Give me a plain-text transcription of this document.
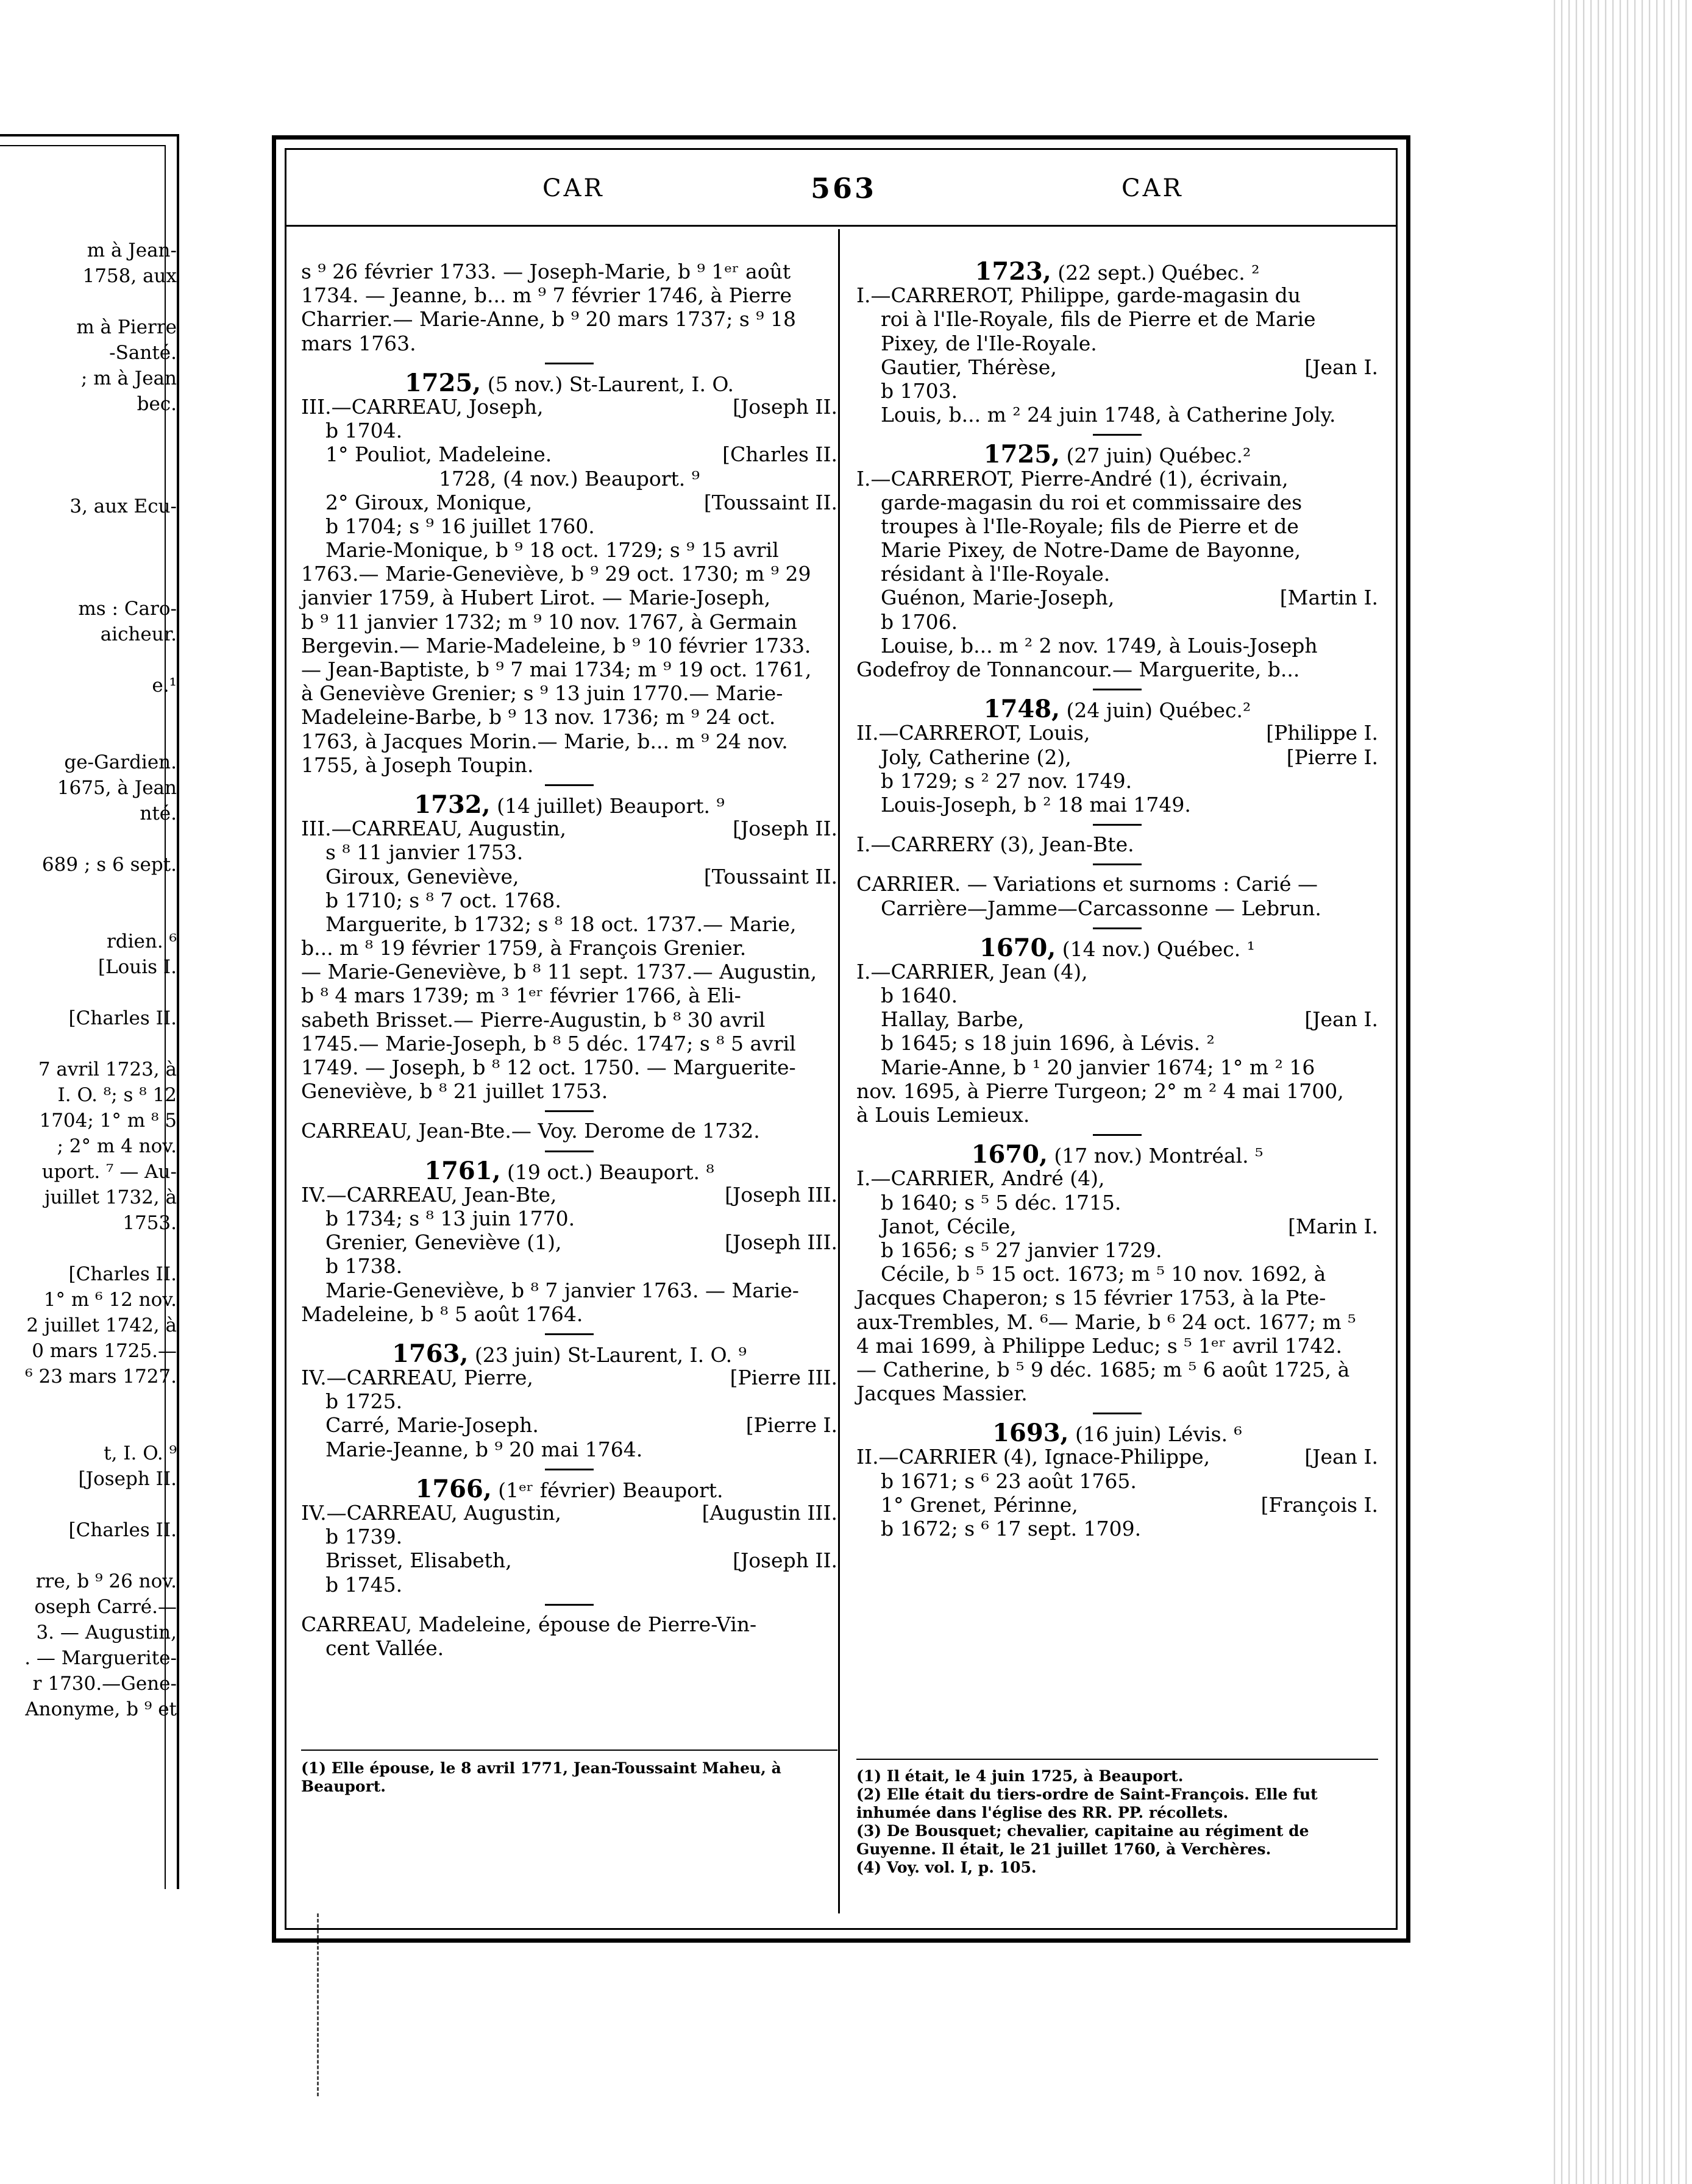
m à Jean-
1758, aux

m à Pierre
-Santé.
; m à Jean
bec.

3, aux Ecu-

ms : Caro-
aicheur.

e.¹

ge-Gardien.
1675, à Jean
nté.

689 ; s 6 sept.

rdien. ⁶
[Louis I.

[Charles II.

7 avril 1723, à
I. O. ⁸; s ⁸ 12
1704; 1° m ⁸ 5
; 2° m 4 nov.
uport. ⁷ — Au-
juillet 1732, à
1753.

[Charles II.
1° m ⁶ 12 nov.
2 juillet 1742, à
0 mars 1725.—
⁶ 23 mars 1727.

t, I. O. ⁹
[Joseph II.

[Charles II.

rre, b ⁹ 26 nov.
oseph Carré.—
3. — Augustin,
. — Marguerite-
r 1730.—Gene-
Anonyme, b ⁹ et
CAR	563	CAR
s ⁹ 26 février 1733. — Joseph-Marie, b ⁹ 1ᵉʳ août
1734. — Jeanne, b... m ⁹ 7 février 1746, à Pierre
Charrier.— Marie-Anne, b ⁹ 20 mars 1737; s ⁹ 18
mars 1763.
1725, (5 nov.) St-Laurent, I. O.
III.—CARREAU, Joseph,	[Joseph II.
b 1704.
1° Pouliot, Madeleine.	[Charles II.
1728, (4 nov.) Beauport. ⁹
2° Giroux, Monique,	[Toussaint II.
b 1704; s ⁹ 16 juillet 1760.
Marie-Monique, b ⁹ 18 oct. 1729; s ⁹ 15 avril
1763.— Marie-Geneviève, b ⁹ 29 oct. 1730; m ⁹ 29
janvier 1759, à Hubert Lirot. — Marie-Joseph,
b ⁹ 11 janvier 1732; m ⁹ 10 nov. 1767, à Germain
Bergevin.— Marie-Madeleine, b ⁹ 10 février 1733.
— Jean-Baptiste, b ⁹ 7 mai 1734; m ⁹ 19 oct. 1761,
à Geneviève Grenier; s ⁹ 13 juin 1770.— Marie-
Madeleine-Barbe, b ⁹ 13 nov. 1736; m ⁹ 24 oct.
1763, à Jacques Morin.— Marie, b... m ⁹ 24 nov.
1755, à Joseph Toupin.
1732, (14 juillet) Beauport. ⁹
III.—CARREAU, Augustin,	[Joseph II.
s ⁸ 11 janvier 1753.
Giroux, Geneviève,	[Toussaint II.
b 1710; s ⁸ 7 oct. 1768.
Marguerite, b 1732; s ⁸ 18 oct. 1737.— Marie,
b... m ⁸ 19 février 1759, à François Grenier.
— Marie-Geneviève, b ⁸ 11 sept. 1737.— Augustin,
b ⁸ 4 mars 1739; m ³ 1ᵉʳ février 1766, à Eli-
sabeth Brisset.— Pierre-Augustin, b ⁸ 30 avril
1745.— Marie-Joseph, b ⁸ 5 déc. 1747; s ⁸ 5 avril
1749. — Joseph, b ⁸ 12 oct. 1750. — Marguerite-
Geneviève, b ⁸ 21 juillet 1753.
CARREAU, Jean-Bte.— Voy. Derome de 1732.
1761, (19 oct.) Beauport. ⁸
IV.—CARREAU, Jean-Bte,	[Joseph III.
b 1734; s ⁸ 13 juin 1770.
Grenier, Geneviève (1),	[Joseph III.
b 1738.
Marie-Geneviève, b ⁸ 7 janvier 1763. — Marie-
Madeleine, b ⁸ 5 août 1764.
1763, (23 juin) St-Laurent, I. O. ⁹
IV.—CARREAU, Pierre,	[Pierre III.
b 1725.
Carré, Marie-Joseph.	[Pierre I.
Marie-Jeanne, b ⁹ 20 mai 1764.
1766, (1ᵉʳ février) Beauport.
IV.—CARREAU, Augustin,	[Augustin III.
b 1739.
Brisset, Elisabeth,	[Joseph II.
b 1745.
CARREAU, Madeleine, épouse de Pierre-Vin-
cent Vallée.
1723, (22 sept.) Québec. ²
I.—CARREROT, Philippe, garde-magasin du
roi à l'Ile-Royale, fils de Pierre et de Marie
Pixey, de l'Ile-Royale.
Gautier, Thérèse,	[Jean I.
b 1703.
Louis, b... m ² 24 juin 1748, à Catherine Joly.
1725, (27 juin) Québec.²
I.—CARREROT, Pierre-André (1), écrivain,
garde-magasin du roi et commissaire des
troupes à l'Ile-Royale; fils de Pierre et de
Marie Pixey, de Notre-Dame de Bayonne,
résidant à l'Ile-Royale.
Guénon, Marie-Joseph,	[Martin I.
b 1706.
Louise, b... m ² 2 nov. 1749, à Louis-Joseph
Godefroy de Tonnancour.— Marguerite, b...
1748, (24 juin) Québec.²
II.—CARREROT, Louis,	[Philippe I.
Joly, Catherine (2),	[Pierre I.
b 1729; s ² 27 nov. 1749.
Louis-Joseph, b ² 18 mai 1749.
I.—CARRERY (3), Jean-Bte.
CARRIER. — Variations et surnoms : Carié —
Carrière—Jamme—Carcassonne — Lebrun.
1670, (14 nov.) Québec. ¹
I.—CARRIER, Jean (4),
b 1640.
Hallay, Barbe,	[Jean I.
b 1645; s 18 juin 1696, à Lévis. ²
Marie-Anne, b ¹ 20 janvier 1674; 1° m ² 16
nov. 1695, à Pierre Turgeon; 2° m ² 4 mai 1700,
à Louis Lemieux.
1670, (17 nov.) Montréal. ⁵
I.—CARRIER, André (4),
b 1640; s ⁵ 5 déc. 1715.
Janot, Cécile,	[Marin I.
b 1656; s ⁵ 27 janvier 1729.
Cécile, b ⁵ 15 oct. 1673; m ⁵ 10 nov. 1692, à
Jacques Chaperon; s 15 février 1753, à la Pte-
aux-Trembles, M. ⁶— Marie, b ⁶ 24 oct. 1677; m ⁵
4 mai 1699, à Philippe Leduc; s ⁵ 1ᵉʳ avril 1742.
— Catherine, b ⁵ 9 déc. 1685; m ⁵ 6 août 1725, à
Jacques Massier.
1693, (16 juin) Lévis. ⁶
II.—CARRIER (4), Ignace-Philippe,	[Jean I.
b 1671; s ⁶ 23 août 1765.
1° Grenet, Périnne,	[François I.
b 1672; s ⁶ 17 sept. 1709.
(1) Elle épouse, le 8 avril 1771, Jean-Toussaint Maheu, à
Beauport.
(1) Il était, le 4 juin 1725, à Beauport.
(2) Elle était du tiers-ordre de Saint-François. Elle fut
inhumée dans l'église des RR. PP. récollets.
(3) De Bousquet; chevalier, capitaine au régiment de
Guyenne. Il était, le 21 juillet 1760, à Verchères.
(4) Voy. vol. I, p. 105.
